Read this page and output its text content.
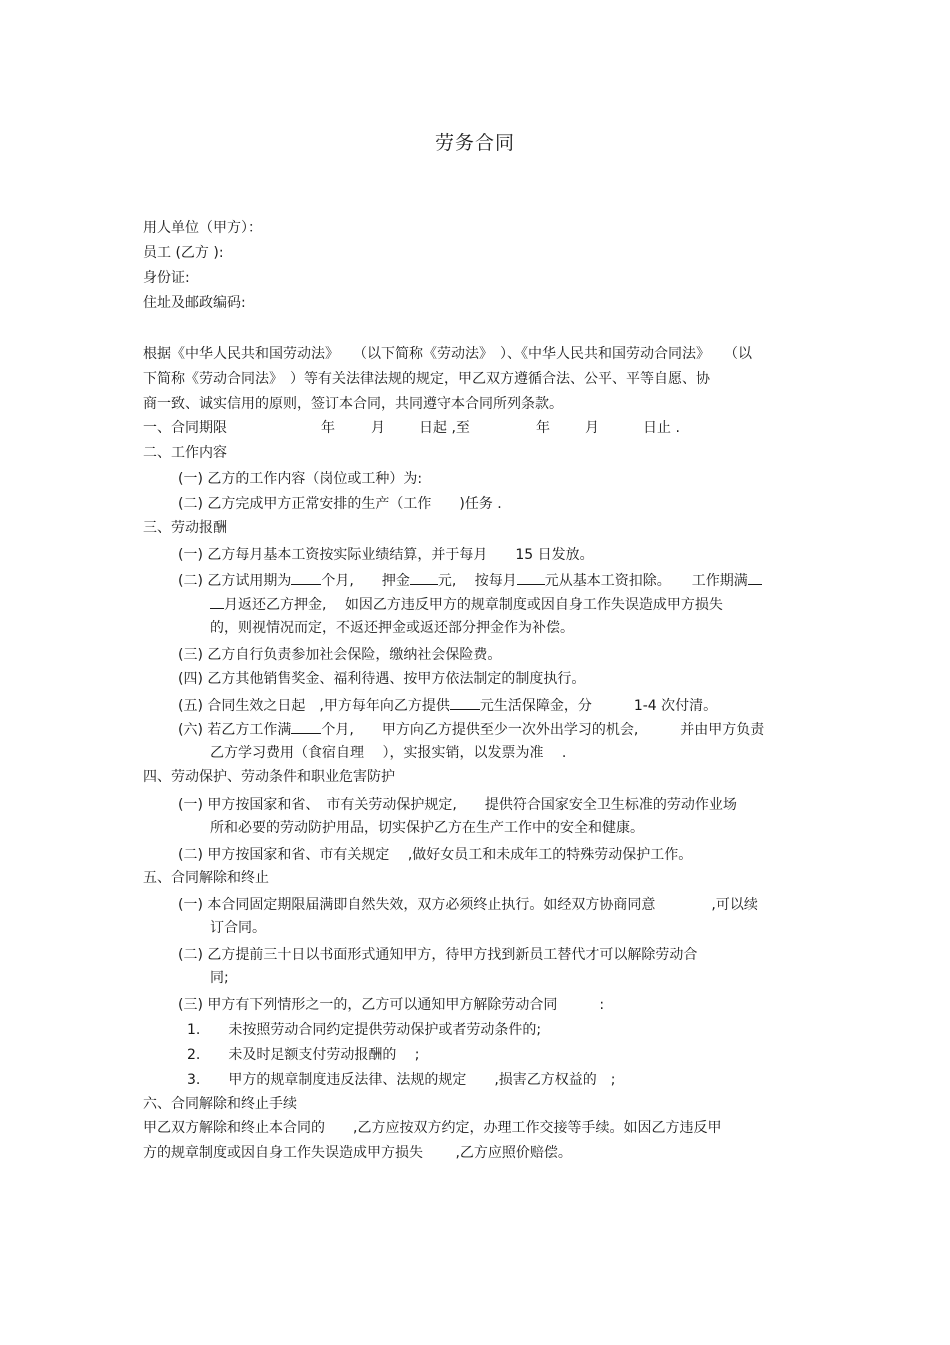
劳务合同

用人单位（甲方）：

员工 (乙方 ):

身份证:

住址及邮政编码:

根据《中华人民共和国劳动法》　　（以下简称《劳动法》　）、《中华人民共和国劳动合同法》　　（以

下简称《劳动合同法》　）等有关法律法规的规定，甲乙双方遵循合法、公平、平等自愿、协

商一致、诚实信用的原则，签订本合同，共同遵守本合同所列条款。

一、合同期限	年	月 日起 ,至	年	月	日止 .

二、工作内容

(一) 乙方的工作内容（岗位或工种）为:

(二) 乙方完成甲方正常安排的生产（工作　　)任务 .

三、劳动报酬

(一) 乙方每月基本工资按实际业绩结算，并于每月　　15 日发放。

(二) 乙方试用期为 个月,　　押金 元,　 按每月 元从基本工资扣除。　　工作期满

月返还乙方押金,　 如因乙方违反甲方的规章制度或因自身工作失误造成甲方损失

的，则视情况而定，不返还押金或返还部分押金作为补偿。

(三) 乙方自行负责参加社会保险，缴纳社会保险费。

(四) 乙方其他销售奖金、福利待遇、按甲方依法制定的制度执行。

(五) 合同生效之日起　,甲方每年向乙方提供 元生活保障金，分　　　1-4 次付清。

(六) 若乙方工作满 个月,　　甲方向乙方提供至少一次外出学习的机会,　　　并由甲方负责

乙方学习费用（食宿自理　 ），实报实销，以发票为准　 .

四、劳动保护、劳动条件和职业危害防护

(一) 甲方按国家和省、　市有关劳动保护规定,　　提供符合国家安全卫生标准的劳动作业场

所和必要的劳动防护用品，切实保护乙方在生产工作中的安全和健康。

(二) 甲方按国家和省、市有关规定　 ,做好女员工和未成年工的特殊劳动保护工作。

五、合同解除和终止

(一) 本合同固定期限届满即自然失效，双方必须终止执行。如经双方协商同意　　　　,可以续

订合同。

(二) 乙方提前三十日以书面形式通知甲方，待甲方找到新员工替代才可以解除劳动合

同;

(三) 甲方有下列情形之一的，乙方可以通知甲方解除劳动合同　　　:

1.　　未按照劳动合同约定提供劳动保护或者劳动条件的;

2.　　未及时足额支付劳动报酬的　 ;

3.　　甲方的规章制度违反法律、法规的规定　　,损害乙方权益的　;

六、合同解除和终止手续

甲乙双方解除和终止本合同的　　,乙方应按双方约定，办理工作交接等手续。如因乙方违反甲

方的规章制度或因自身工作失误造成甲方损失　　 ,乙方应照价赔偿。
